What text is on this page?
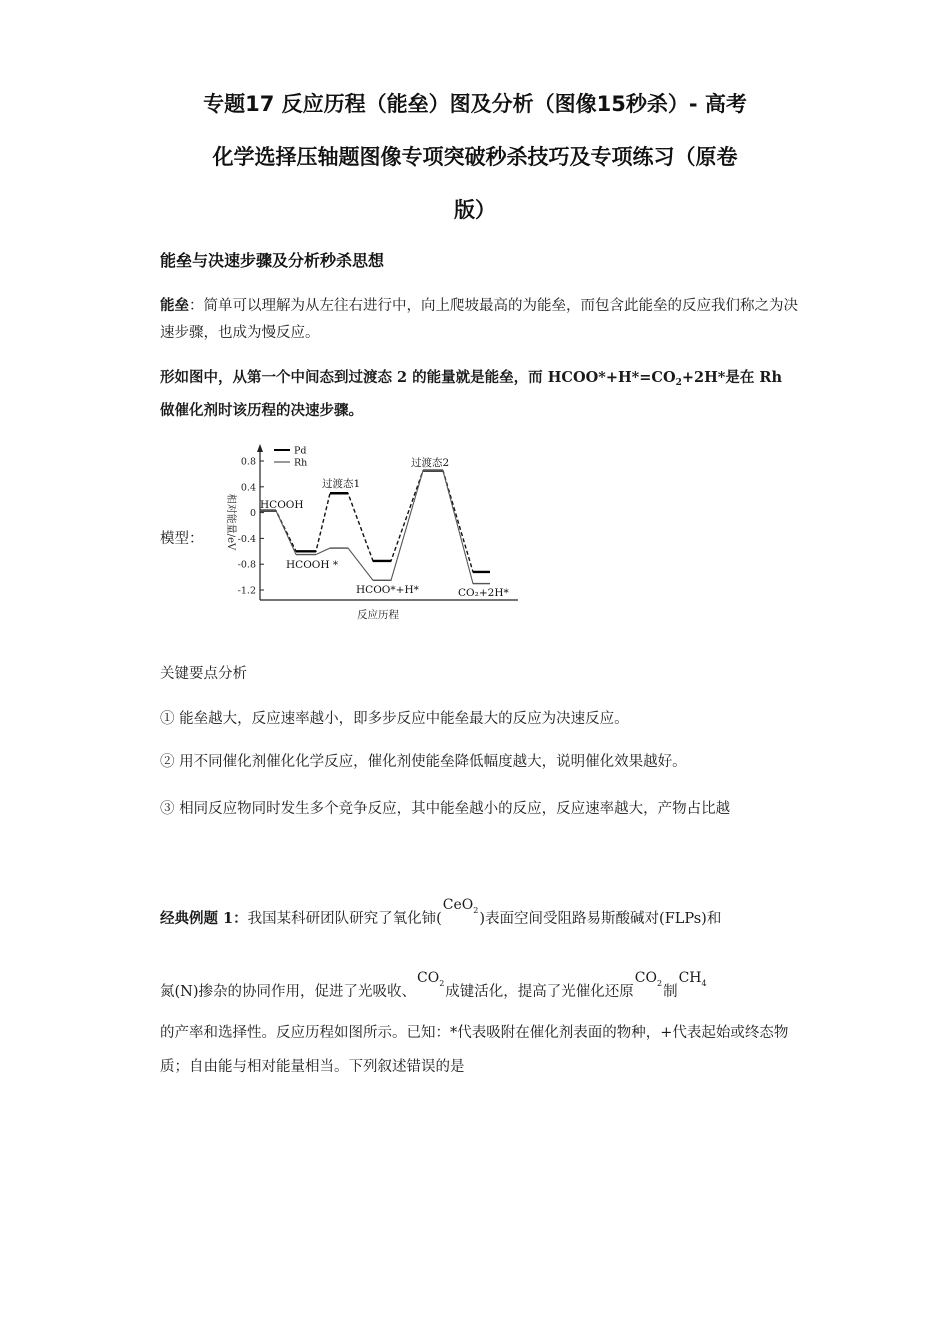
专题17 反应历程（能垒）图及分析（图像15秒杀）- 高考
化学选择压轴题图像专项突破秒杀技巧及专项练习（原卷
版）
能垒与决速步骤及分析秒杀思想
能垒：简单可以理解为从左往右进行中，向上爬坡最高的为能垒，而包含此能垒的反应我们称之为决速步骤，也成为慢反应。
形如图中，从第一个中间态到过渡态 2 的能量就是能垒，而 $HCOO*+H*=CO_2+2H*$是在 Rh 做催化剂时该历程的决速步骤。
模型：
0.8
0.4
0
-0.4
-0.8
-1.2
相对能量/eV
反应历程
HCOOH
HCOOH *
过渡态1
HCOO*+H*
过渡态2
CO₂+2H*
Pd
Rh
关键要点分析
① 能垒越大，反应速率越小，即多步反应中能垒最大的反应为决速反应。
② 用不同催化剂催化化学反应，催化剂使能垒降低幅度越大，说明催化效果越好。
③ 相同反应物同时发生多个竞争反应，其中能垒越小的反应，反应速率越大，产物占比越
经典例题 1：我国某科研团队研究了氧化铈(CeO$_2$)表面空间受阻路易斯酸碱对(FLPs)和
氮(N)掺杂的协同作用，促进了光吸收、$CO_2$成键活化，提高了光催化还原$CO_2$制$CH_4$
的产率和选择性。反应历程如图所示。已知：*代表吸附在催化剂表面的物种，+代表起始或终态物质；自由能与相对能量相当。下列叙述错误的是
